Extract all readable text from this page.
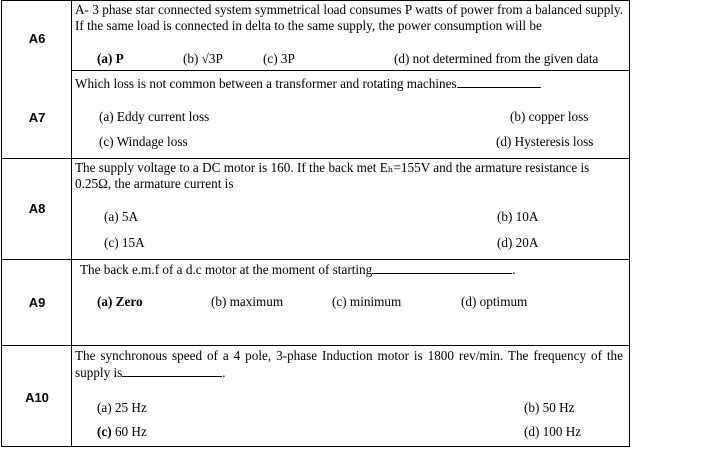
A6
A- 3 phase star connected system symmetrical load consumes P watts of power from a balanced supply. If the same load is connected in delta to the same supply, the power consumption will be
(a) P	(b) √3P	(c) 3P	(d) not determined from the given data
A7
Which loss is not common between a transformer and rotating machines
(a) Eddy current loss	(b) copper loss
(c) Windage loss	(d) Hysteresis loss
A8
The supply voltage to a DC motor is 160. If the back met Eₕ=155V and the armature resistance is 0.25Ω, the armature current is
(a) 5A	(b) 10A
(c) 15A	(d) 20A
A9
The back e.m.f of a d.c motor at the moment of starting	.
(a) Zero	(b) maximum	(c) minimum	(d) optimum
A10
The synchronous speed of a 4 pole, 3-phase Induction motor is 1800 rev/min. The frequency of the supply is	.
(a) 25 Hz	(b) 50 Hz
(c) 60 Hz	(d) 100 Hz
